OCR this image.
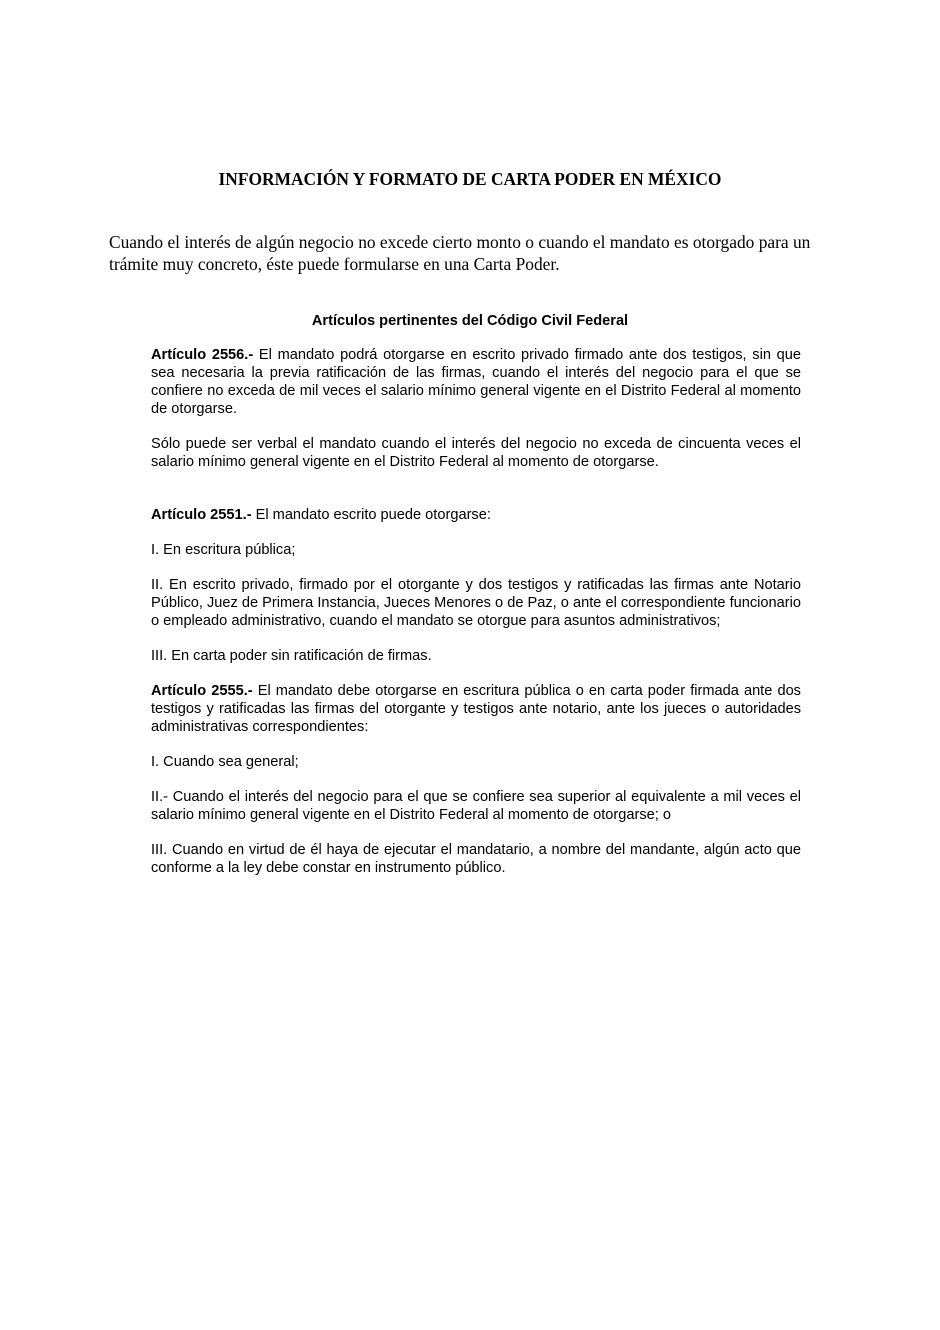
INFORMACIÓN Y FORMATO DE CARTA PODER EN MÉXICO

Cuando el interés de algún negocio no excede cierto monto o cuando el mandato es otorgado para un trámite muy concreto, éste puede formularse en una Carta Poder.

Artículos pertinentes del Código Civil Federal

Artículo 2556.- El mandato podrá otorgarse en escrito privado firmado ante dos testigos, sin que sea necesaria la previa ratificación de las firmas, cuando el interés del negocio para el que se confiere no exceda de mil veces el salario mínimo general vigente en el Distrito Federal al momento de otorgarse.

Sólo puede ser verbal el mandato cuando el interés del negocio no exceda de cincuenta veces el salario mínimo general vigente en el Distrito Federal al momento de otorgarse.

Artículo 2551.- El mandato escrito puede otorgarse:

I. En escritura pública;

II. En escrito privado, firmado por el otorgante y dos testigos y ratificadas las firmas ante Notario Público, Juez de Primera Instancia, Jueces Menores o de Paz, o ante el correspondiente funcionario o empleado administrativo, cuando el mandato se otorgue para asuntos administrativos;

III. En carta poder sin ratificación de firmas.

Artículo 2555.- El mandato debe otorgarse en escritura pública o en carta poder firmada ante dos testigos y ratificadas las firmas del otorgante y testigos ante notario, ante los jueces o autoridades administrativas correspondientes:

I. Cuando sea general;

II.- Cuando el interés del negocio para el que se confiere sea superior al equivalente a mil veces el salario mínimo general vigente en el Distrito Federal al momento de otorgarse; o

III. Cuando en virtud de él haya de ejecutar el mandatario, a nombre del mandante, algún acto que conforme a la ley debe constar en instrumento público.
